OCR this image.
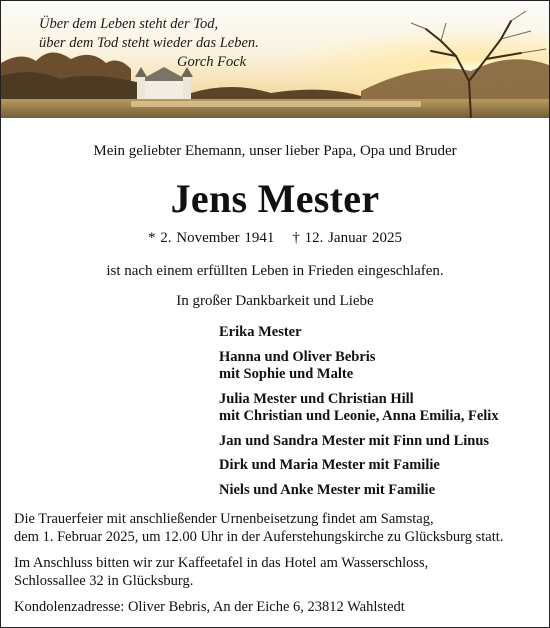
Über dem Leben steht der Tod,
über dem Tod steht wieder das Leben.
Gorch Fock
Mein geliebter Ehemann, unser lieber Papa, Opa und Bruder
Jens Mester
* 2. November 1941 † 12. Januar 2025
ist nach einem erfüllten Leben in Frieden eingeschlafen.
In großer Dankbarkeit und Liebe
Erika Mester
Hanna und Oliver Bebris
mit Sophie und Malte
Julia Mester und Christian Hill
mit Christian und Leonie, Anna Emilia, Felix
Jan und Sandra Mester mit Finn und Linus
Dirk und Maria Mester mit Familie
Niels und Anke Mester mit Familie

Die Trauerfeier mit anschließender Urnenbeisetzung findet am Samstag,
dem 1. Februar 2025, um 12.00 Uhr in der Auferstehungskirche zu Glücksburg statt.

Im Anschluss bitten wir zur Kaffeetafel in das Hotel am Wasserschloss,
Schlossallee 32 in Glücksburg.

Kondolenzadresse: Oliver Bebris, An der Eiche 6, 23812 Wahlstedt
